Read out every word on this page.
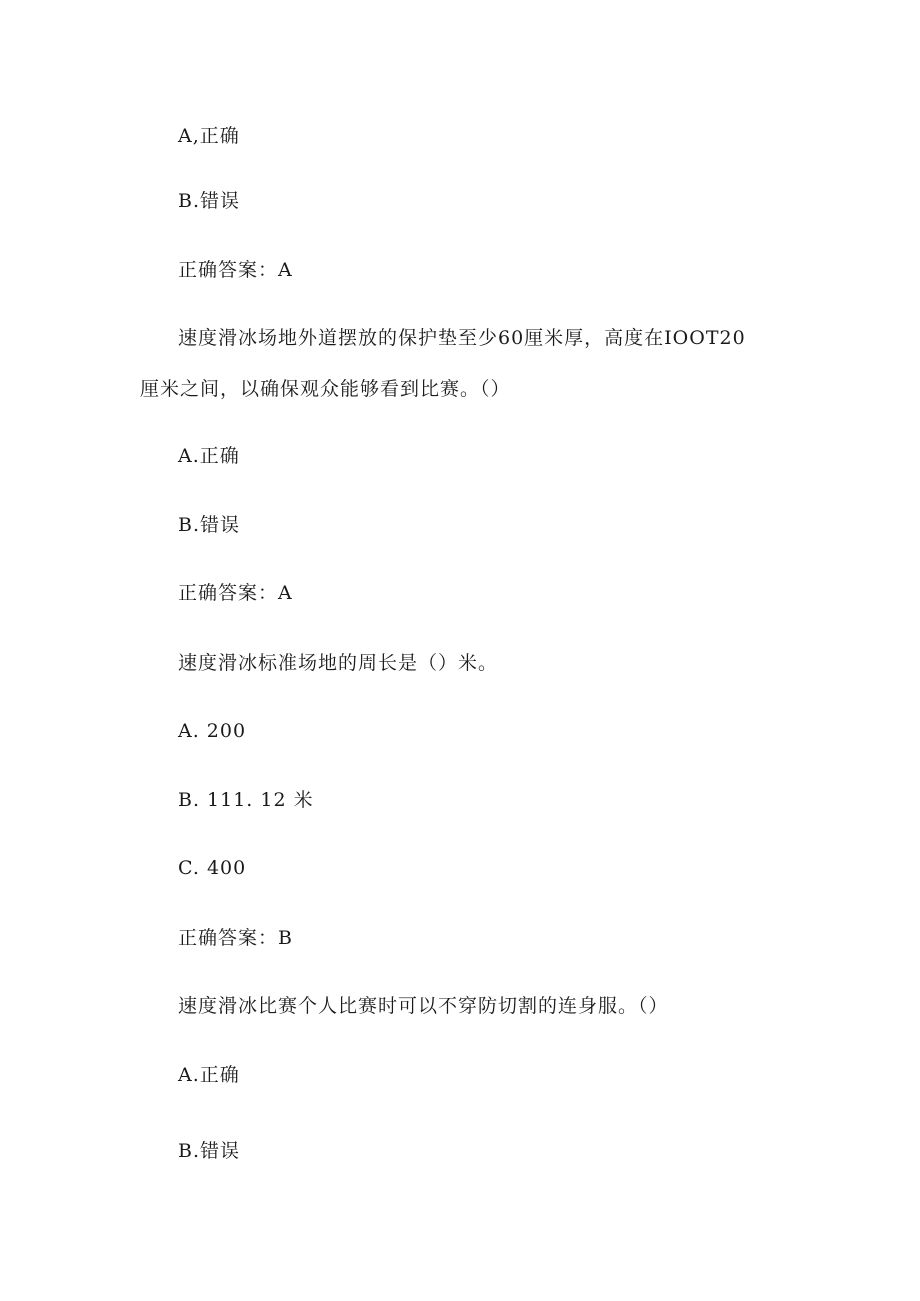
A,正确
B.错误
正确答案：A
速度滑冰场地外道摆放的保护垫至少60厘米厚，高度在IOOT20
厘米之间，以确保观众能够看到比赛。（）
A.正确
B.错误
正确答案：A
速度滑冰标准场地的周长是（）米。
A. 200
B. 111. 12 米
C. 400
正确答案：B
速度滑冰比赛个人比赛时可以不穿防切割的连身服。（）
A.正确
B.错误
